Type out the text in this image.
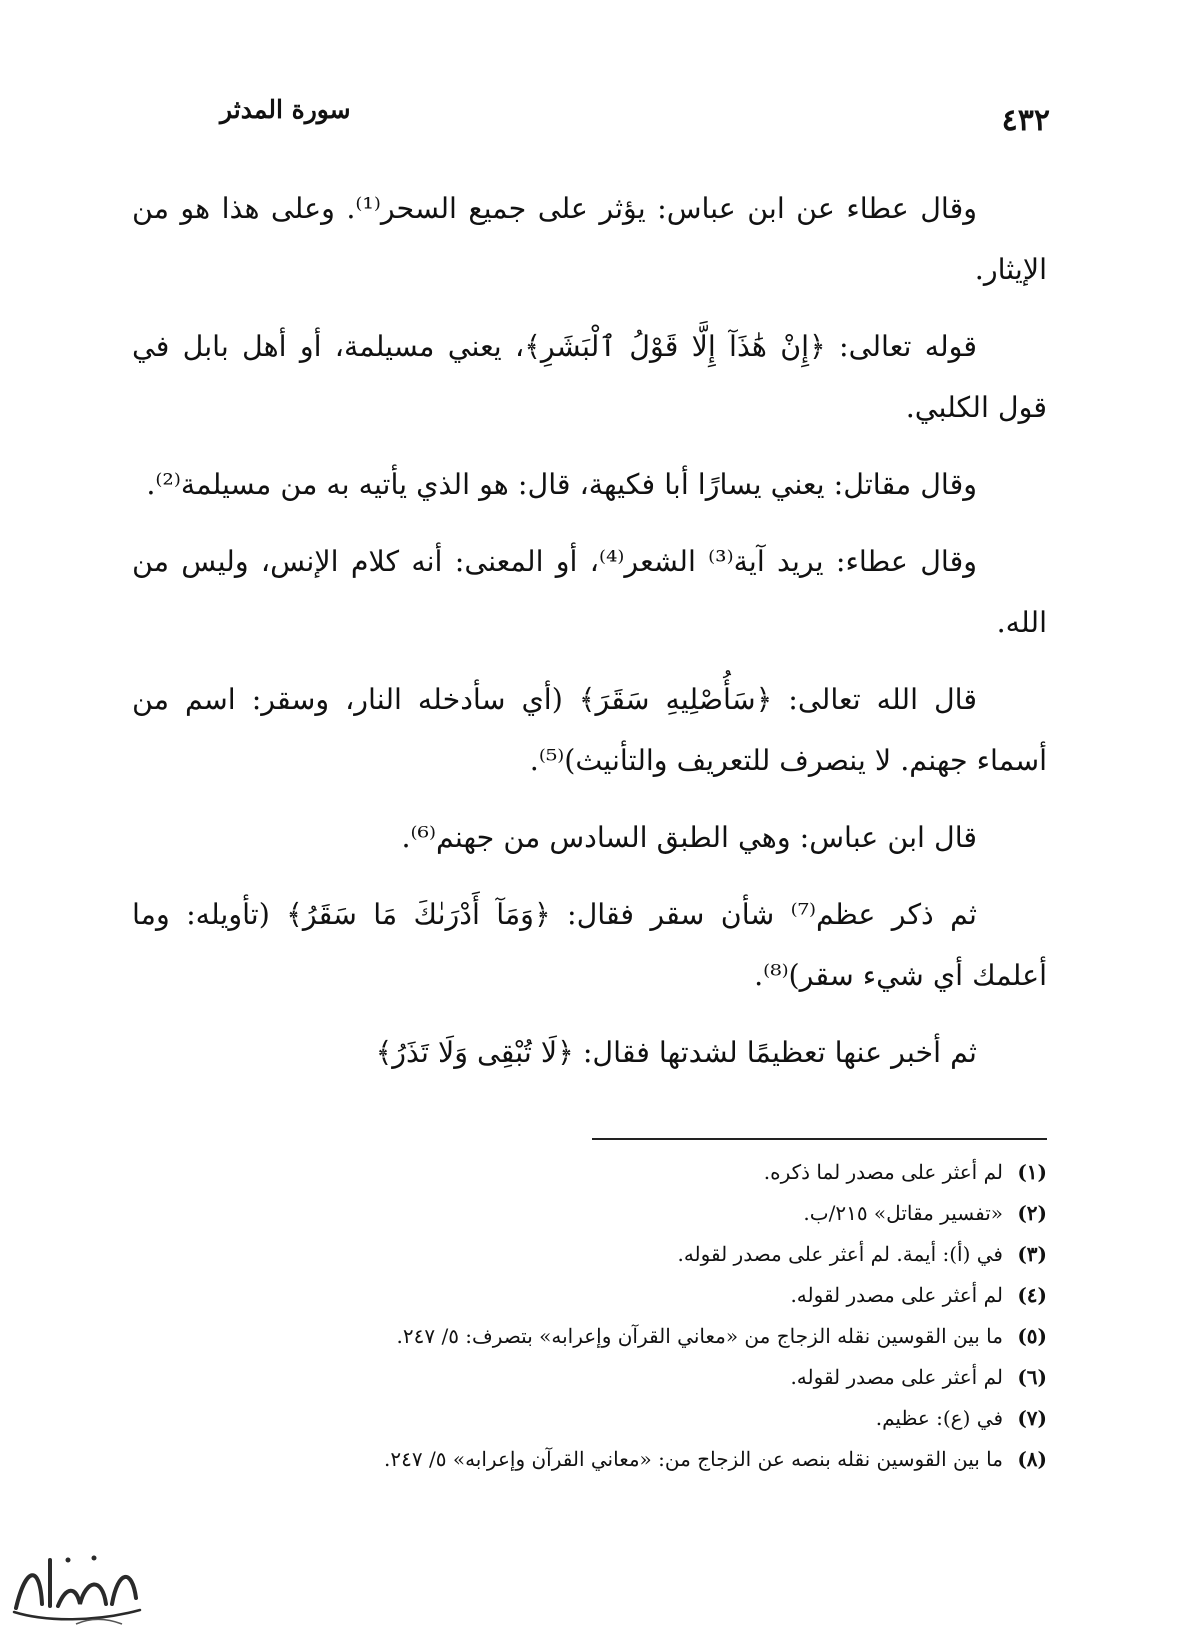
٤٣٢
سورة المدثر

وقال عطاء عن ابن عباس: يؤثر على جميع السحر⁽¹⁾. وعلى هذا هو من الإيثار.

قوله تعالى: ﴿إِنْ هَٰذَآ إِلَّا قَوْلُ ٱلْبَشَرِ﴾، يعني مسيلمة، أو أهل بابل في قول الكلبي.

وقال مقاتل: يعني يسارًا أبا فكيهة، قال: هو الذي يأتيه به من مسيلمة⁽²⁾.

وقال عطاء: يريد آية⁽³⁾ الشعر⁽⁴⁾، أو المعنى: أنه كلام الإنس، وليس من الله.

قال الله تعالى: ﴿سَأُصْلِيهِ سَقَرَ﴾ (أي سأدخله النار، وسقر: اسم من أسماء جهنم. لا ينصرف للتعريف والتأنيث)⁽⁵⁾.

قال ابن عباس: وهي الطبق السادس من جهنم⁽⁶⁾.

ثم ذكر عظم⁽⁷⁾ شأن سقر فقال: ﴿وَمَآ أَدْرَىٰكَ مَا سَقَرُ﴾ (تأويله: وما أعلمك أي شيء سقر)⁽⁸⁾.

ثم أخبر عنها تعظيمًا لشدتها فقال: ﴿لَا تُبْقِى وَلَا تَذَرُ﴾

(١)
لم أعثر على مصدر لما ذكره.
(٢)
«تفسير مقاتل» ٢١٥/ب.
(٣)
في (أ): أيمة. لم أعثر على مصدر لقوله.
(٤)
لم أعثر على مصدر لقوله.
(٥)
ما بين القوسين نقله الزجاج من «معاني القرآن وإعرابه» بتصرف: ٥/ ٢٤٧.
(٦)
لم أعثر على مصدر لقوله.
(٧)
في (ع): عظيم.
(٨)
ما بين القوسين نقله بنصه عن الزجاج من: «معاني القرآن وإعرابه» ٥/ ٢٤٧.
